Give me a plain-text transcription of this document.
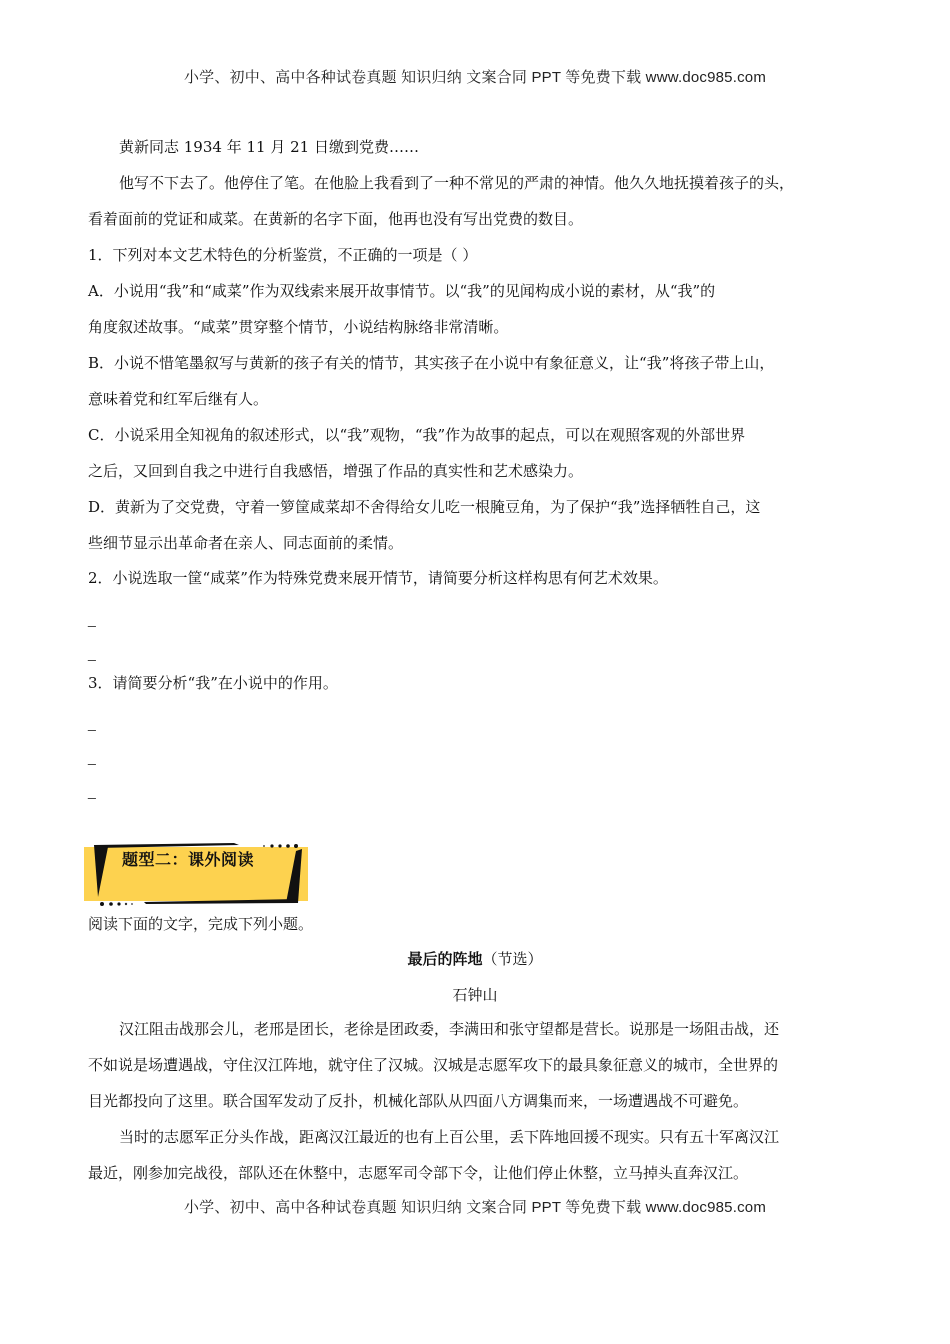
小学、初中、高中各种试卷真题 知识归纳 文案合同 PPT 等免费下载 www.doc985.com
黄新同志 1934 年 11 月 21 日缴到党费……
他写不下去了。他停住了笔。在他脸上我看到了一种不常见的严肃的神情。他久久地抚摸着孩子的头，
看着面前的党证和咸菜。在黄新的名字下面，他再也没有写出党费的数目。
1．下列对本文艺术特色的分析鉴赏，不正确的一项是（ ）
A．小说用“我”和“咸菜”作为双线索来展开故事情节。以“我”的见闻构成小说的素材，从“我”的
角度叙述故事。“咸菜”贯穿整个情节，小说结构脉络非常清晰。
B．小说不惜笔墨叙写与黄新的孩子有关的情节，其实孩子在小说中有象征意义，让“我”将孩子带上山，
意味着党和红军后继有人。
C．小说采用全知视角的叙述形式，以“我”观物，“我”作为故事的起点，可以在观照客观的外部世界
之后，又回到自我之中进行自我感悟，增强了作品的真实性和艺术感染力。
D．黄新为了交党费，守着一箩筐咸菜却不舍得给女儿吃一根腌豆角，为了保护“我”选择牺牲自己，这
些细节显示出革命者在亲人、同志面前的柔情。
2．小说选取一筐“咸菜”作为特殊党费来展开情节，请简要分析这样构思有何艺术效果。
_
_
3．请简要分析“我”在小说中的作用。
_
_
_
题型二：课外阅读
阅读下面的文字，完成下列小题。
最后的阵地（节选）
石钟山
汉江阻击战那会儿，老邢是团长，老徐是团政委，李满田和张守望都是营长。说那是一场阻击战，还
不如说是场遭遇战，守住汉江阵地，就守住了汉城。汉城是志愿军攻下的最具象征意义的城市，全世界的
目光都投向了这里。联合国军发动了反扑，机械化部队从四面八方调集而来，一场遭遇战不可避免。
当时的志愿军正分头作战，距离汉江最近的也有上百公里，丢下阵地回援不现实。只有五十军离汉江
最近，刚参加完战役，部队还在休整中，志愿军司令部下令，让他们停止休整，立马掉头直奔汉江。
小学、初中、高中各种试卷真题 知识归纳 文案合同 PPT 等免费下载 www.doc985.com
